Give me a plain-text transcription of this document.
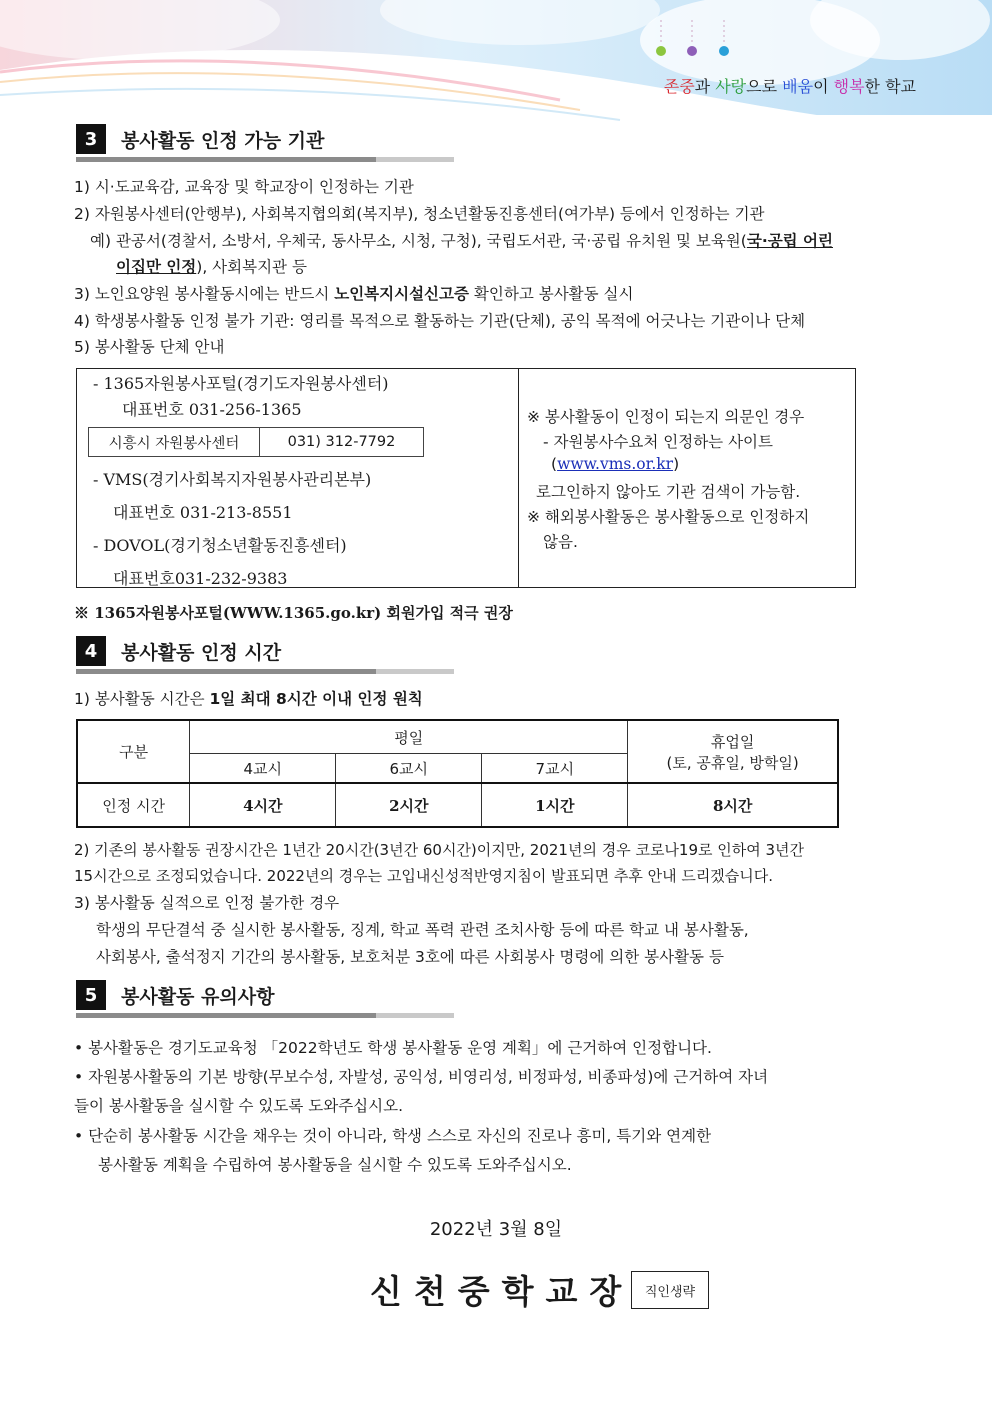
존중과 사랑으로 배움이 행복한 학교
3	봉사활동 인정 가능 기관
1) 시·도교육감, 교육장 및 학교장이 인정하는 기관
2) 자원봉사센터(안행부), 사회복지협의회(복지부), 청소년활동진흥센터(여가부) 등에서 인정하는 기관
예) 관공서(경찰서, 소방서, 우체국, 동사무소, 시청, 구청), 국립도서관, 국·공립 유치원 및 보육원(국·공립 어린
이집만 인정), 사회복지관 등
3) 노인요양원 봉사활동시에는 반드시 노인복지시설신고증 확인하고 봉사활동 실시
4) 학생봉사활동 인정 불가 기관: 영리를 목적으로 활동하는 기관(단체), 공익 목적에 어긋나는 기관이나 단체
5) 봉사활동 단체 안내
- 1365자원봉사포털(경기도자원봉사센터)
대표번호 031-256-1365
시흥시 자원봉사센터	031) 312-7792
- VMS(경기사회복지자원봉사관리본부)
대표번호 031-213-8551
- DOVOL(경기청소년활동진흥센터)
대표번호031-232-9383
※ 봉사활동이 인정이 되는지 의문인 경우
- 자원봉사수요처 인정하는 사이트
(www.vms.or.kr)
로그인하지 않아도 기관 검색이 가능함.
※ 해외봉사활동은 봉사활동으로 인정하지
않음.
※ 1365자원봉사포털(WWW.1365.go.kr) 회원가입 적극 권장
4	봉사활동 인정 시간
1) 봉사활동 시간은 1일 최대 8시간 이내 인정 원칙
구분	평일			휴업일
(토, 공휴일, 방학일)

	4교시	6교시	7교시	
인정 시간	4시간	2시간	1시간	8시간
2) 기존의 봉사활동 권장시간은 1년간 20시간(3년간 60시간)이지만, 2021년의 경우 코로나19로 인하여 3년간
15시간으로 조정되었습니다. 2022년의 경우는 고입내신성적반영지침이 발표되면 추후 안내 드리겠습니다.
3) 봉사활동 실적으로 인정 불가한 경우
학생의 무단결석 중 실시한 봉사활동, 징계, 학교 폭력 관련 조치사항 등에 따른 학교 내 봉사활동,
사회봉사, 출석정지 기간의 봉사활동, 보호처분 3호에 따른 사회봉사 명령에 의한 봉사활동 등
5	봉사활동 유의사항
• 봉사활동은 경기도교육청 「2022학년도 학생 봉사활동 운영 계획」에 근거하여 인정합니다.
• 자원봉사활동의 기본 방향(무보수성, 자발성, 공익성, 비영리성, 비정파성, 비종파성)에 근거하여 자녀
들이 봉사활동을 실시할 수 있도록 도와주십시오.
• 단순히 봉사활동 시간을 채우는 것이 아니라, 학생 스스로 자신의 진로나 흥미, 특기와 연계한
봉사활동 계획을 수립하여 봉사활동을 실시할 수 있도록 도와주십시오.
2022년 3월 8일
신천중학교장 직인생략
